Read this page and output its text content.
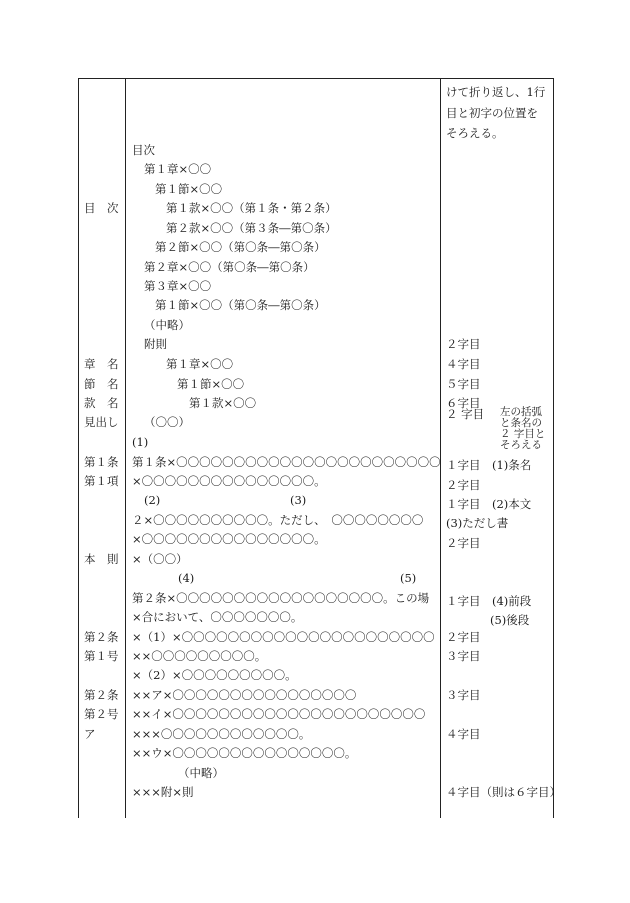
けて折り返し、1行
目と初字の位置を
そろえる。
目　次
章　名
節　名
款　名
見出し
第１条
第１項
本　則
第２条
第１号
第２条
第２号
ア
目次
第１章×〇〇
第１節×〇〇
第１款×〇〇（第１条・第２条）
第２款×〇〇（第３条―第〇条）
第２節×〇〇（第〇条―第〇条）
第２章×〇〇（第〇条―第〇条）
第３章×〇〇
第１節×〇〇（第〇条―第〇条）
（中略）
附則
第１章×〇〇
第１節×〇〇
第１款×〇〇
（〇〇）
(1)
第１条×〇〇〇〇〇〇〇〇〇〇〇〇〇〇〇〇〇〇〇〇〇〇〇
×〇〇〇〇〇〇〇〇〇〇〇〇〇〇〇。
(2)	(3)
２×〇〇〇〇〇〇〇〇〇〇。ただし、　〇〇〇〇〇〇〇〇
×〇〇〇〇〇〇〇〇〇〇〇〇〇〇〇。
×（〇〇）
(4)	(5)
第２条×〇〇〇〇〇〇〇〇〇〇〇〇〇〇〇〇〇〇。この場
×合において、〇〇〇〇〇〇〇。
×（1）×〇〇〇〇〇〇〇〇〇〇〇〇〇〇〇〇〇〇〇〇〇〇
××〇〇〇〇〇〇〇〇〇。
×（2）×〇〇〇〇〇〇〇〇〇。
××ア×〇〇〇〇〇〇〇〇〇〇〇〇〇〇〇〇
××イ×〇〇〇〇〇〇〇〇〇〇〇〇〇〇〇〇〇〇〇〇〇〇
×××〇〇〇〇〇〇〇〇〇〇〇〇。
××ウ×〇〇〇〇〇〇〇〇〇〇〇〇〇〇〇。
（中略）
×××附×則
２字目
４字目
５字目
６字目
２ 字目 左の括弧
と条名の
２ 字目と
そろえる
１字目　(1)条名
２字目
１字目　(2)本文
(3)ただし書
２字目
１字目　(4)前段
(5)後段
２字目
３字目
３字目
４字目
４字目（則は６字目）
